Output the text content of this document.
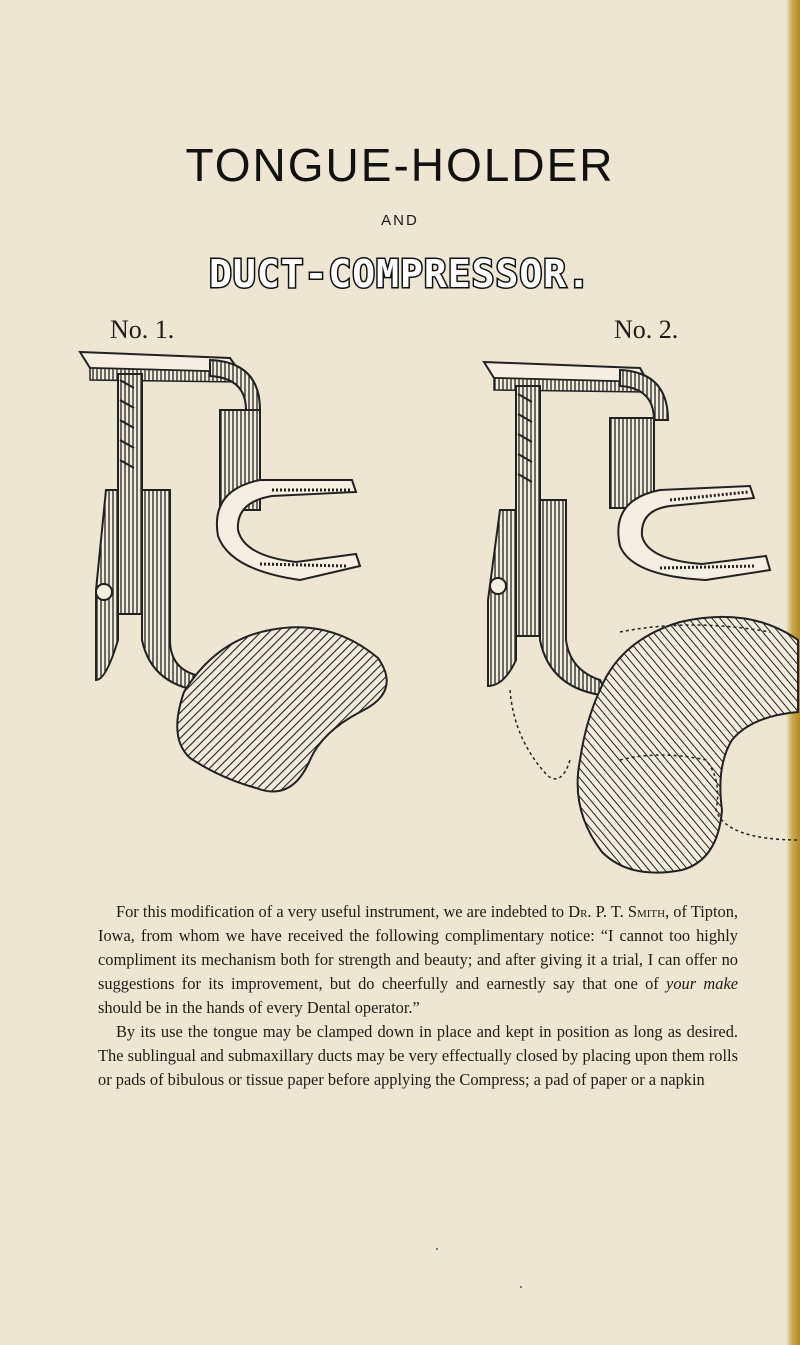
TONGUE-HOLDER
AND
DUCT-COMPRESSOR.
No. 1.	No. 2.

For this modification of a very useful instrument, we are indebted to Dr. P. T. Smith, of Tipton, Iowa, from whom we have received the following complimentary notice: “I cannot too highly compliment its mechanism both for strength and beauty; and after giving it a trial, I can offer no suggestions for its improvement, but do cheerfully and earnestly say that one of your make should be in the hands of every Dental operator.”

By its use the tongue may be clamped down in place and kept in position as long as desired. The sublingual and submaxillary ducts may be very effectually closed by placing upon them rolls or pads of bibulous or tissue paper before applying the Compress; a pad of paper or a napkin
